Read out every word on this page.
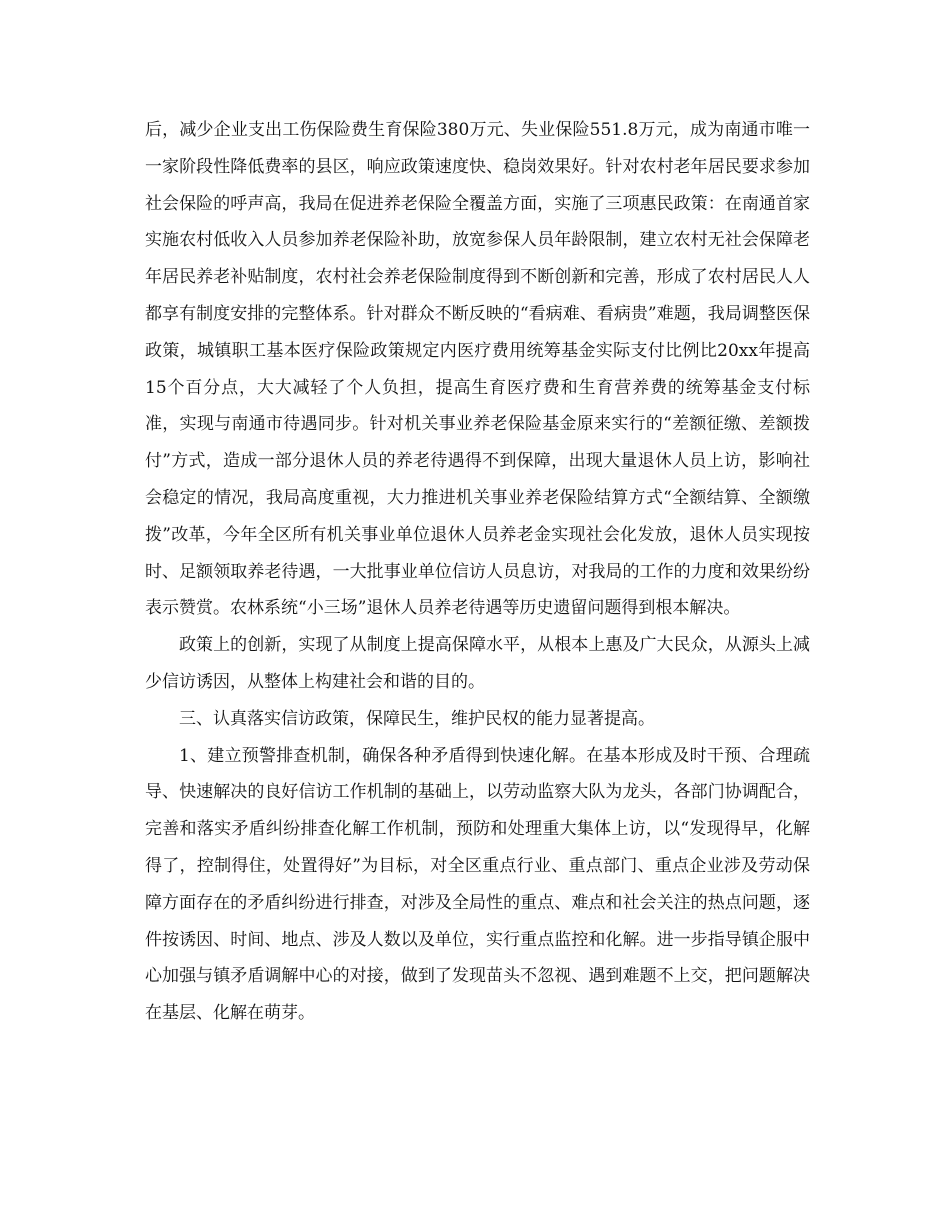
后，减少企业支出工伤保险费生育保险380万元、失业保险551.8万元，成为南通市唯一一家阶段性降低费率的县区，响应政策速度快、稳岗效果好。针对农村老年居民要求参加社会保险的呼声高，我局在促进养老保险全覆盖方面，实施了三项惠民政策：在南通首家实施农村低收入人员参加养老保险补助，放宽参保人员年龄限制，建立农村无社会保障老年居民养老补贴制度，农村社会养老保险制度得到不断创新和完善，形成了农村居民人人都享有制度安排的完整体系。针对群众不断反映的“看病难、看病贵”难题，我局调整医保政策，城镇职工基本医疗保险政策规定内医疗费用统筹基金实际支付比例比20xx年提高15个百分点，大大减轻了个人负担，提高生育医疗费和生育营养费的统筹基金支付标准，实现与南通市待遇同步。针对机关事业养老保险基金原来实行的“差额征缴、差额拨付”方式，造成一部分退休人员的养老待遇得不到保障，出现大量退休人员上访，影响社会稳定的情况，我局高度重视，大力推进机关事业养老保险结算方式“全额结算、全额缴拨”改革，今年全区所有机关事业单位退休人员养老金实现社会化发放，退休人员实现按时、足额领取养老待遇，一大批事业单位信访人员息访，对我局的工作的力度和效果纷纷表示赞赏。农林系统“小三场”退休人员养老待遇等历史遗留问题得到根本解决。

政策上的创新，实现了从制度上提高保障水平，从根本上惠及广大民众，从源头上减少信访诱因，从整体上构建社会和谐的目的。

三、认真落实信访政策，保障民生，维护民权的能力显著提高。

1、建立预警排查机制，确保各种矛盾得到快速化解。在基本形成及时干预、合理疏导、快速解决的良好信访工作机制的基础上，以劳动监察大队为龙头，各部门协调配合，完善和落实矛盾纠纷排查化解工作机制，预防和处理重大集体上访，以“发现得早，化解得了，控制得住，处置得好”为目标，对全区重点行业、重点部门、重点企业涉及劳动保障方面存在的矛盾纠纷进行排查，对涉及全局性的重点、难点和社会关注的热点问题，逐件按诱因、时间、地点、涉及人数以及单位，实行重点监控和化解。进一步指导镇企服中心加强与镇矛盾调解中心的对接，做到了发现苗头不忽视、遇到难题不上交，把问题解决在基层、化解在萌芽。
